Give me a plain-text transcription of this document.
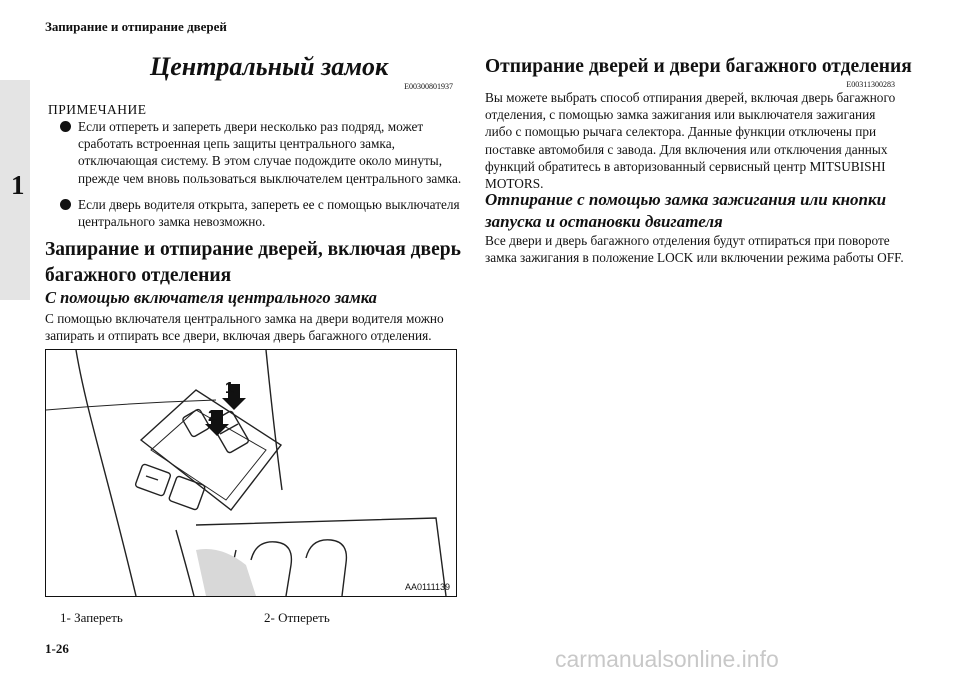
Запирание и отпирание дверей
1
Центральный замок
E00300801937
ПРИМЕЧАНИЕ
Если отпереть и запереть двери несколько раз подряд, может сработать встроенная цепь защиты центрального замка, отключающая систему. В этом случае подождите около минуты, прежде чем вновь пользоваться выключателем центрального замка.
Если дверь водителя открыта, запереть ее с помощью выключателя центрального замка невозможно.
Запирание и отпирание дверей, включая дверь багажного отделения
С помощью включателя центрального замка
С помощью включателя центрального замка на двери водителя можно запирать и отпирать все двери, включая дверь багажного отделения.
1
2
AA0111139
1- Запереть	2- Отпереть
1-26
Отпирание дверей и двери багажного отделения
E00311300283
Вы можете выбрать способ отпирания дверей, включая дверь багажного отделения, с помощью замка зажигания или выключателя зажигания либо с помощью рычага селектора. Данные функции отключены при поставке автомобиля с завода. Для включения или отключения данных функций обратитесь в авторизованный сервисный центр MITSUBISHI MOTORS.
Отпирание с помощью замка зажигания или кнопки запуска и остановки двигателя
Все двери и дверь багажного отделения будут отпираться при повороте замка зажигания в положение LOCK или включении режима работы OFF.
carmanualsonline.info
